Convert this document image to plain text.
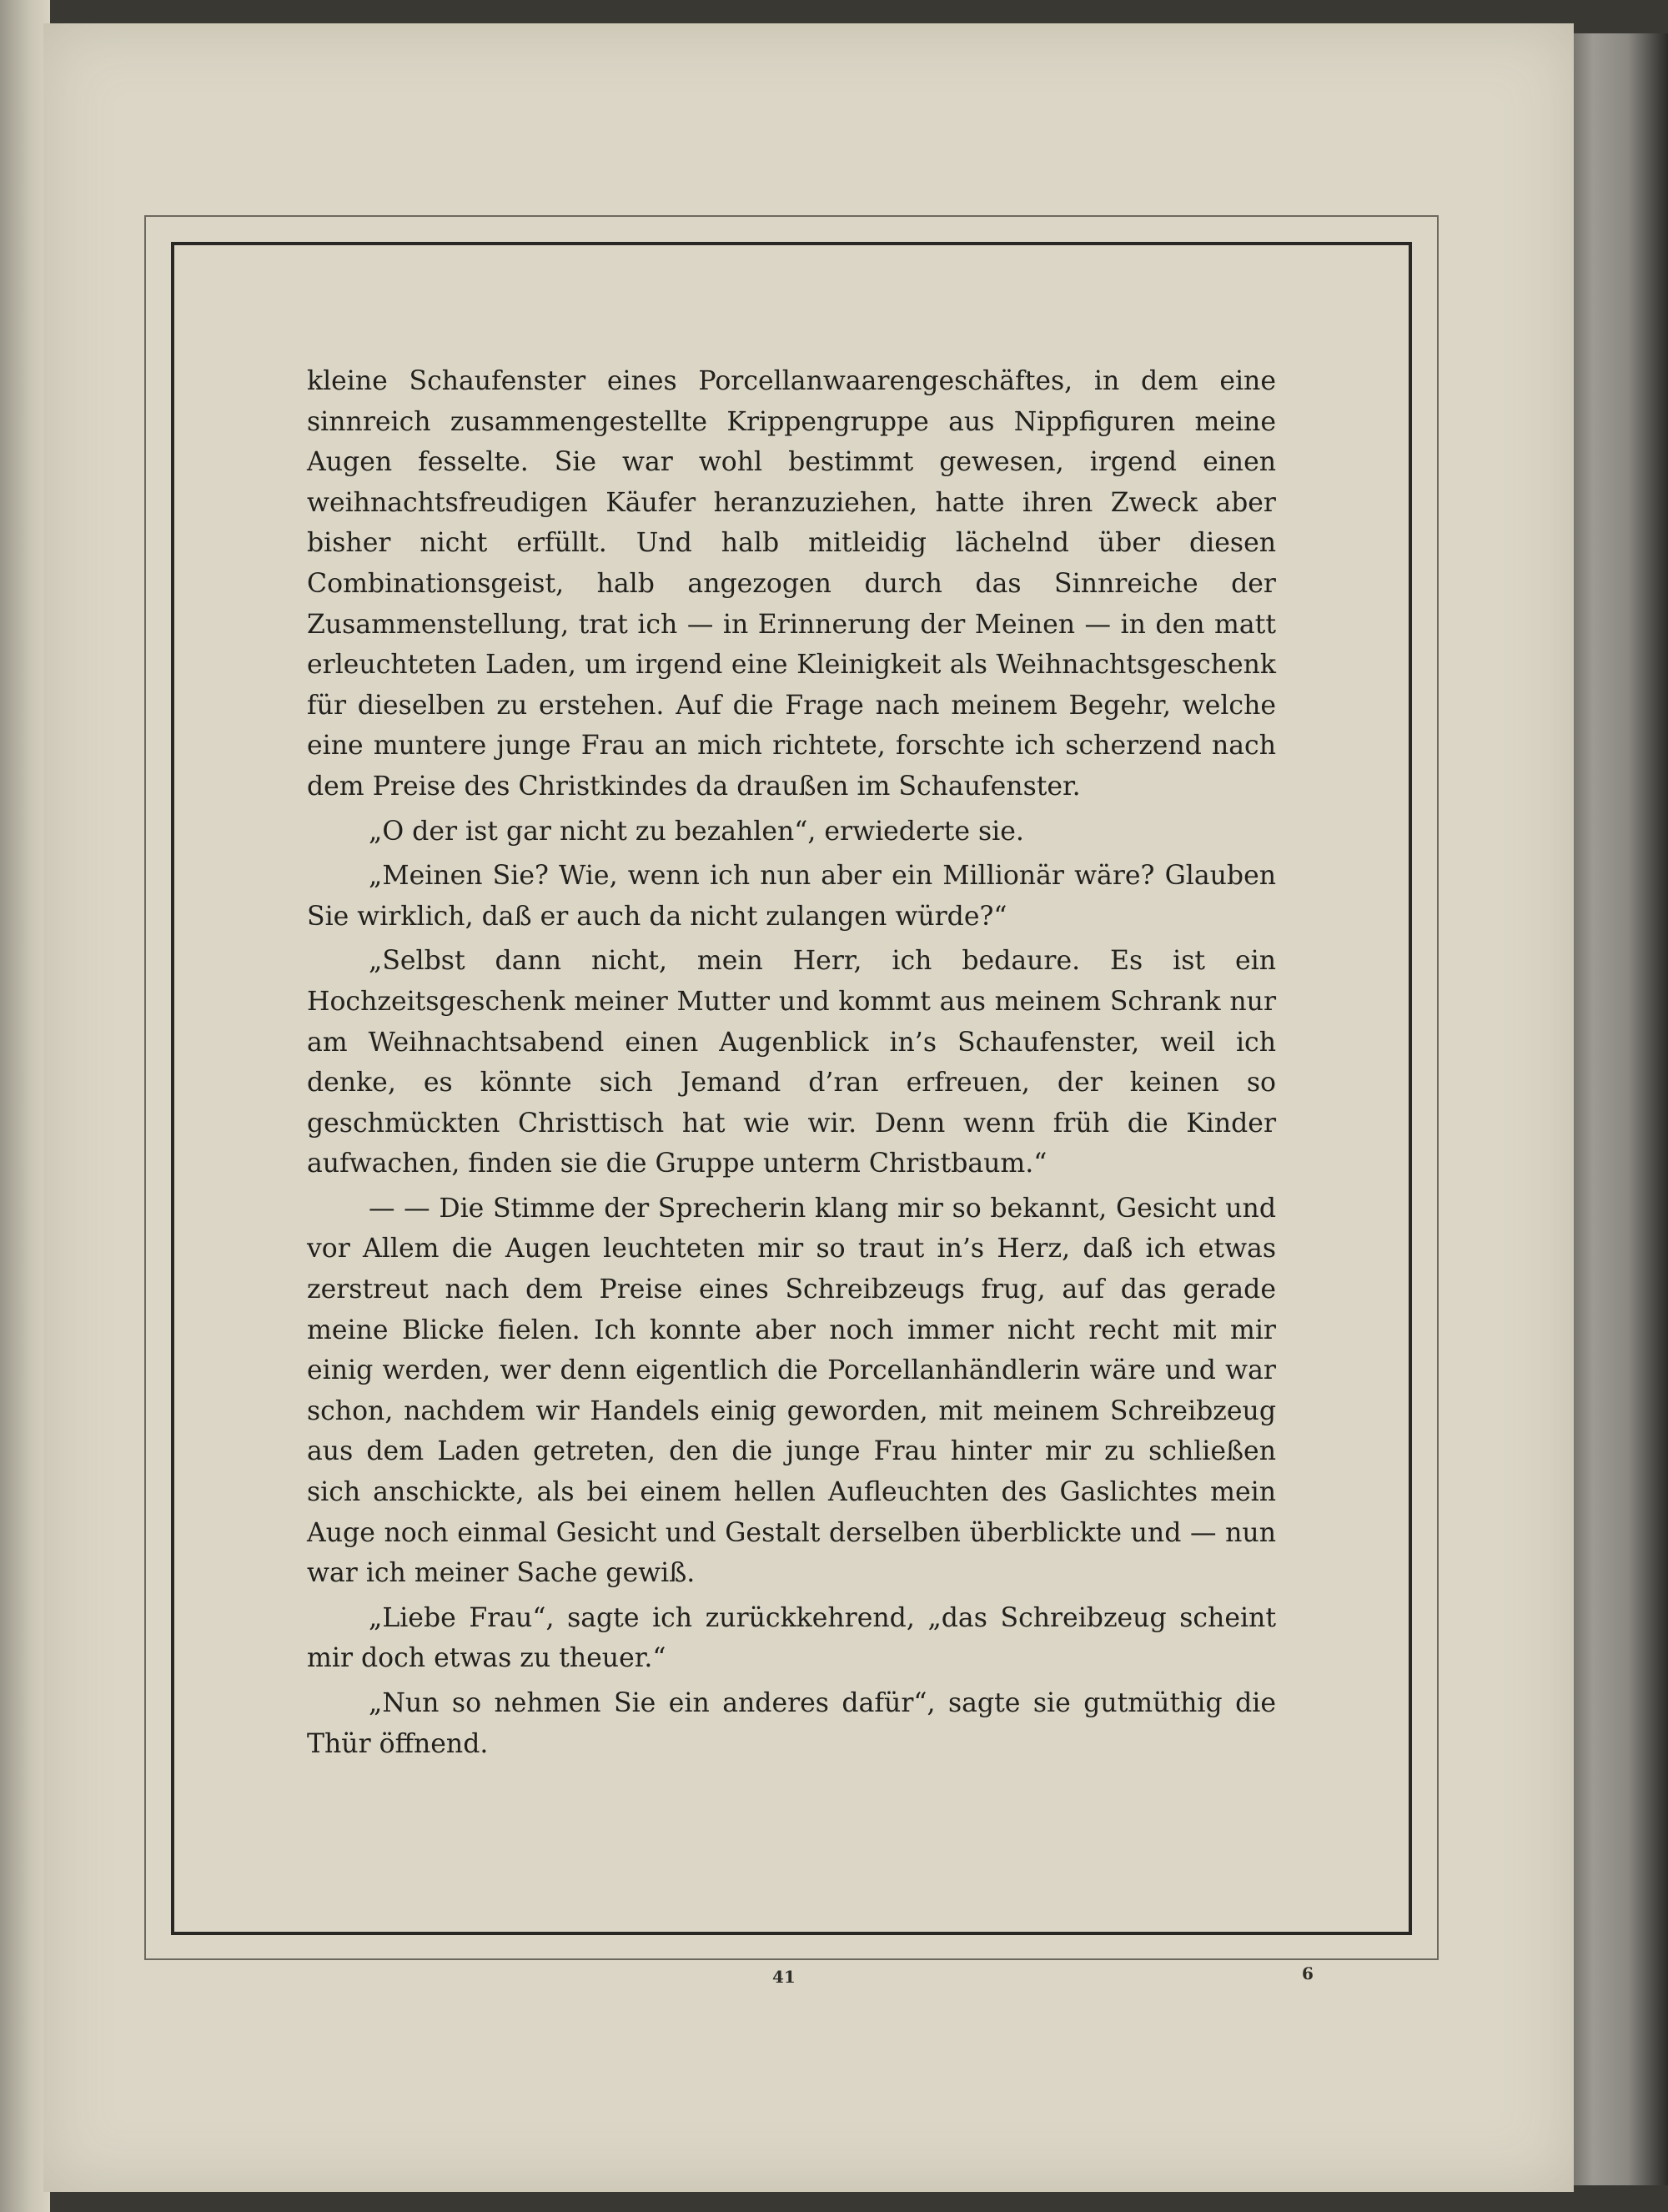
kleine Schaufenster eines Porcellanwaarengeschäftes, in dem eine sinnreich zusammengestellte Krippengruppe aus Nippfiguren meine Augen fesselte. Sie war wohl bestimmt gewesen, irgend einen weihnachtsfreudigen Käufer heranzuziehen, hatte ihren Zweck aber bisher nicht erfüllt. Und halb mitleidig lächelnd über diesen Combinationsgeist, halb angezogen durch das Sinnreiche der Zusammenstellung, trat ich — in Erinnerung der Meinen — in den matt erleuchteten Laden, um irgend eine Kleinigkeit als Weihnachtsgeschenk für dieselben zu erstehen. Auf die Frage nach meinem Begehr, welche eine muntere junge Frau an mich richtete, forschte ich scherzend nach dem Preise des Christkindes da draußen im Schaufenster.

„O der ist gar nicht zu bezahlen“, erwiederte sie.

„Meinen Sie? Wie, wenn ich nun aber ein Millionär wäre? Glauben Sie wirklich, daß er auch da nicht zulangen würde?“

„Selbst dann nicht, mein Herr, ich bedaure. Es ist ein Hochzeitsgeschenk meiner Mutter und kommt aus meinem Schrank nur am Weihnachtsabend einen Augenblick in’s Schaufenster, weil ich denke, es könnte sich Jemand d’ran erfreuen, der keinen so geschmückten Christtisch hat wie wir. Denn wenn früh die Kinder aufwachen, finden sie die Gruppe unterm Christbaum.“

— — Die Stimme der Sprecherin klang mir so bekannt, Gesicht und vor Allem die Augen leuchteten mir so traut in’s Herz, daß ich etwas zerstreut nach dem Preise eines Schreibzeugs frug, auf das gerade meine Blicke fielen. Ich konnte aber noch immer nicht recht mit mir einig werden, wer denn eigentlich die Porcellanhändlerin wäre und war schon, nachdem wir Handels einig geworden, mit meinem Schreibzeug aus dem Laden getreten, den die junge Frau hinter mir zu schließen sich anschickte, als bei einem hellen Aufleuchten des Gaslichtes mein Auge noch einmal Gesicht und Gestalt derselben überblickte und — nun war ich meiner Sache gewiß.

„Liebe Frau“, sagte ich zurückkehrend, „das Schreibzeug scheint mir doch etwas zu theuer.“

„Nun so nehmen Sie ein anderes dafür“, sagte sie gutmüthig die Thür öffnend.

41	6
